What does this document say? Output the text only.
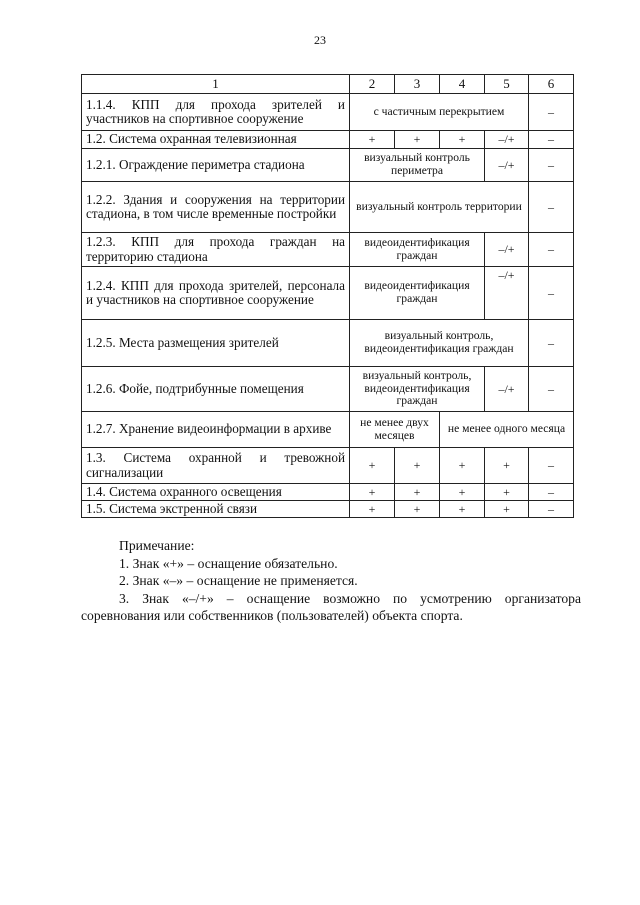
23
1	2	3	4	5	6
1.1.4. КПП для прохода зрителей и участников на спортивное сооружение	с частичным перекрытием				–
1.2. Система охранная телевизионная	+	+	+	–/+	–
1.2.1. Ограждение периметра стадиона	визуальный контроль периметра			–/+	–
1.2.2. Здания и сооружения на территории стадиона, в том числе временные постройки	визуальный контроль территории				–
1.2.3. КПП для прохода граждан на территорию стадиона	видеоидентификация граждан			–/+	–
1.2.4. КПП для прохода зрителей, персонала и участников на спортивное сооружение	видеоидентификация граждан			–/+	–
1.2.5. Места размещения зрителей	визуальный контроль, видеоидентификация граждан				–
1.2.6. Фойе, подтрибунные помещения	визуальный контроль, видеоидентификация граждан			–/+	–
1.2.7. Хранение видеоинформации в архиве	не менее двух месяцев		не менее одного месяца		
1.3. Система охранной и тревожной сигнализации	+	+	+	+	–
1.4. Система охранного освещения	+	+	+	+	–
1.5. Система экстренной связи	+	+	+	+	–
Примечание:
1. Знак «+» – оснащение обязательно.
2. Знак «–» – оснащение не применяется.
3. Знак «–/+» – оснащение возможно по усмотрению организатора соревнования или собственников (пользователей) объекта спорта.
